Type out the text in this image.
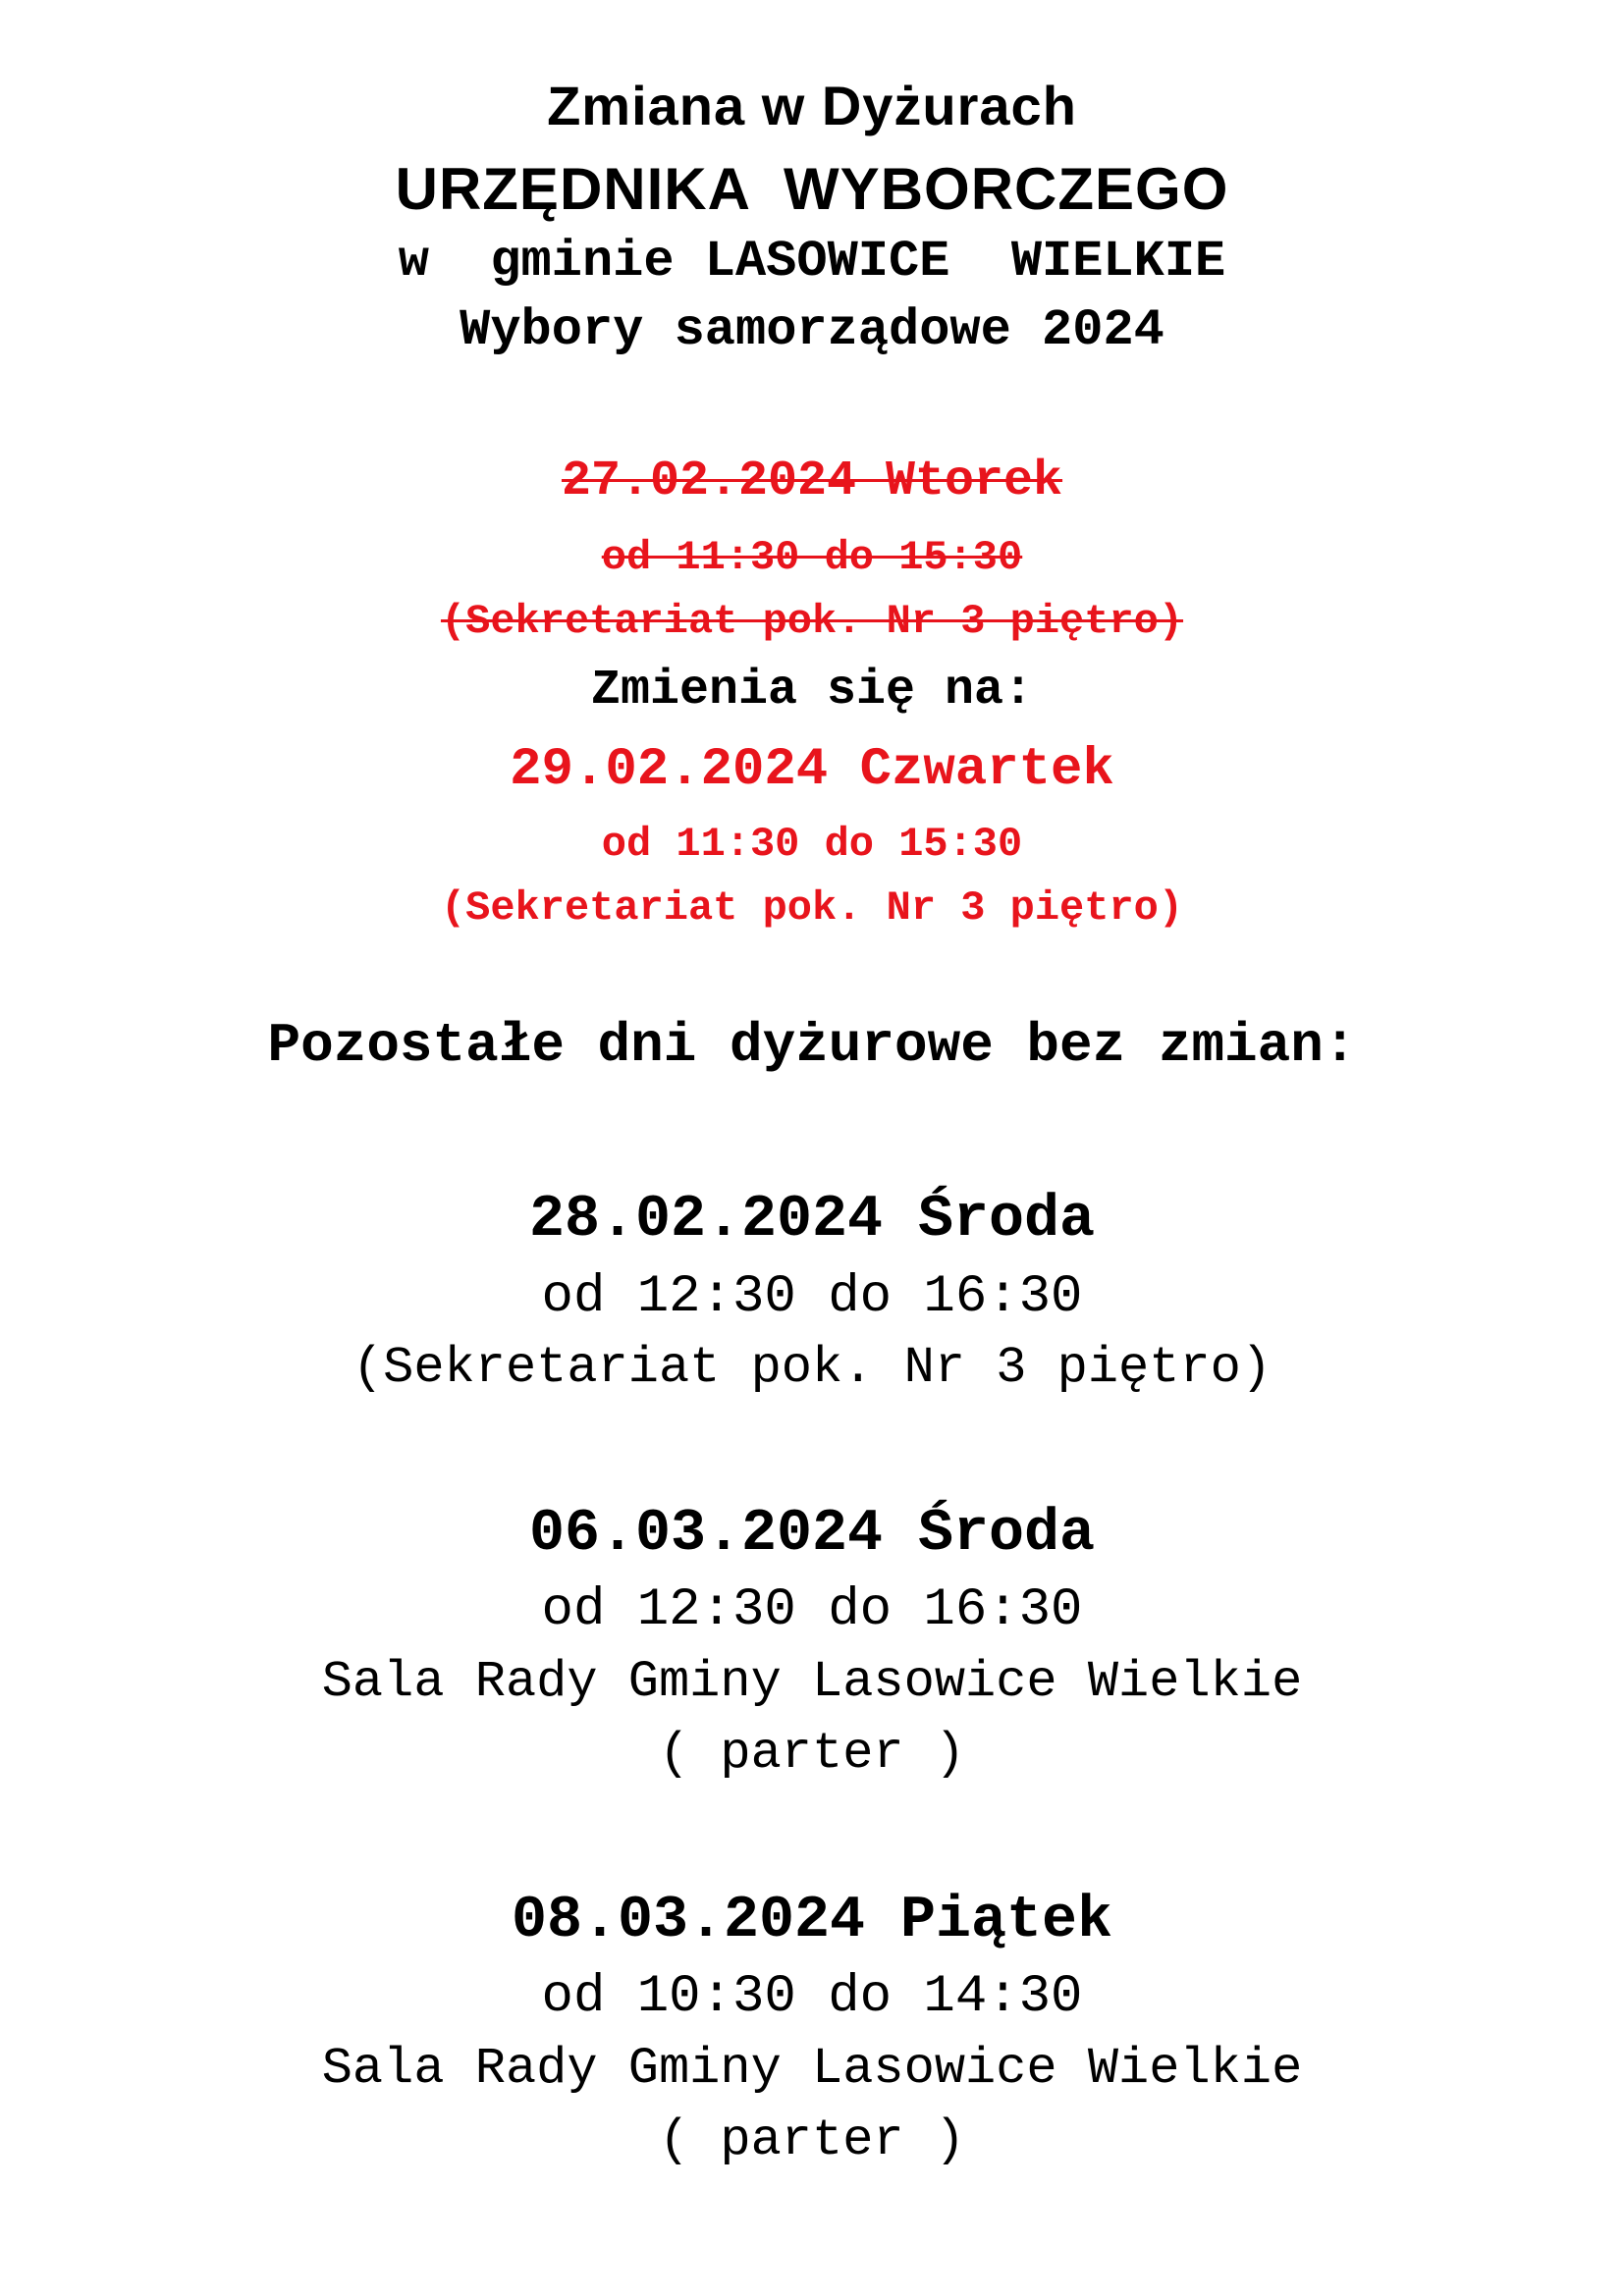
Zmiana w Dyżurach
URZĘDNIKA  WYBORCZEGO
w  gminie LASOWICE  WIELKIE
Wybory samorządowe 2024
27.02.2024 Wtorek
od 11:30 do 15:30
(Sekretariat pok. Nr 3 piętro)
Zmienia się na:
29.02.2024 Czwartek
od 11:30 do 15:30
(Sekretariat pok. Nr 3 piętro)
Pozostałe dni dyżurowe bez zmian:
28.02.2024 Środa
od 12:30 do 16:30
(Sekretariat pok. Nr 3 piętro)
06.03.2024 Środa
od 12:30 do 16:30
Sala Rady Gminy Lasowice Wielkie
( parter )
08.03.2024 Piątek
od 10:30 do 14:30
Sala Rady Gminy Lasowice Wielkie
( parter )
